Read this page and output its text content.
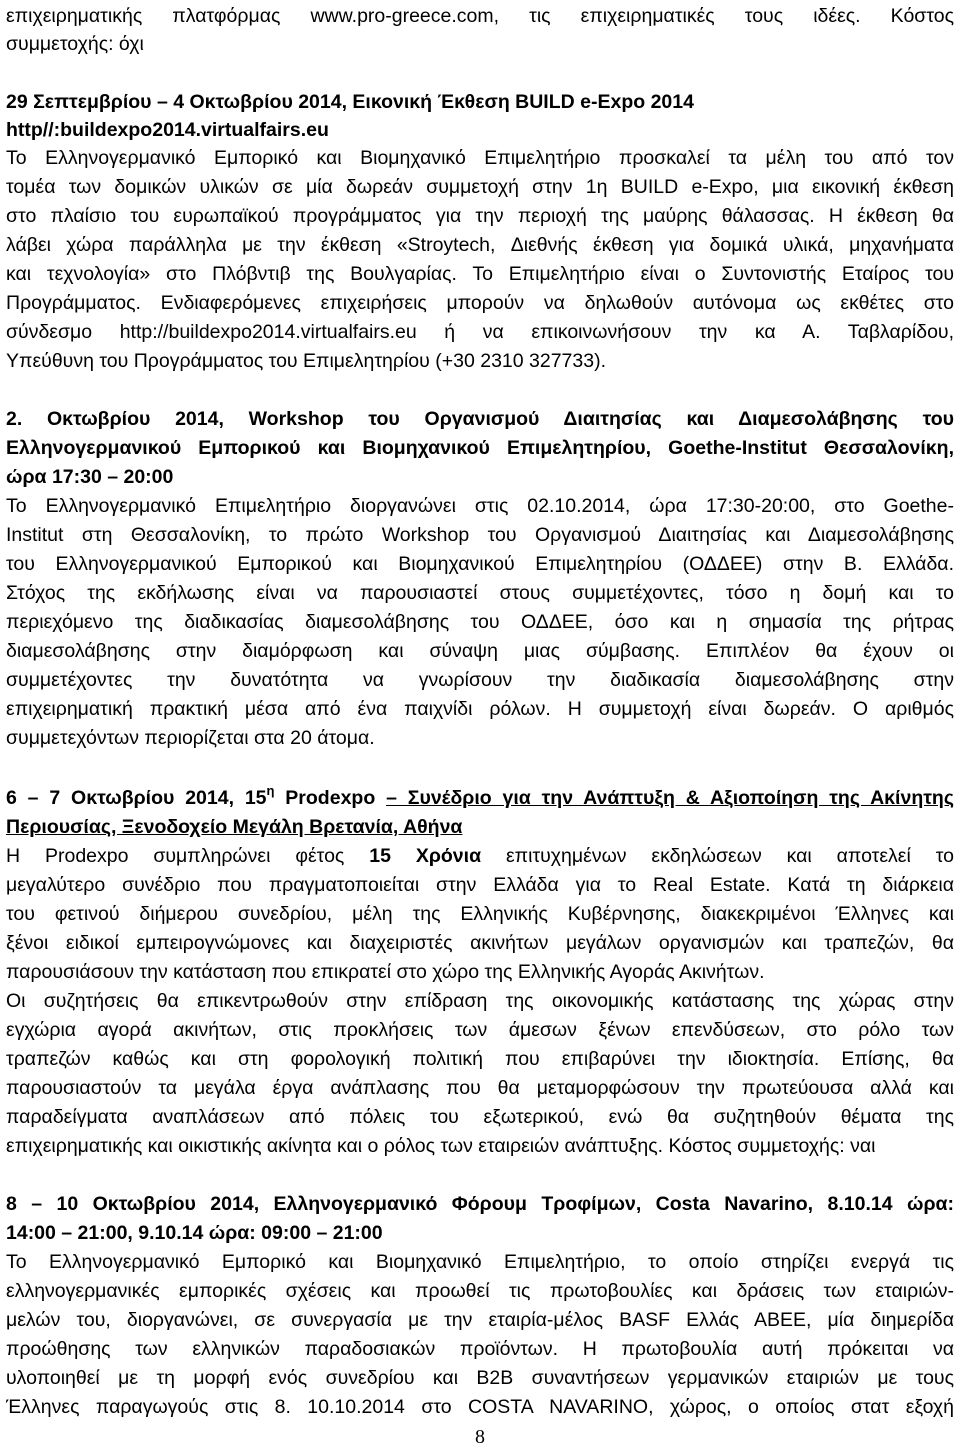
επιχειρηματικής πλατφόρμας www.pro-greece.com, τις επιχειρηματικές τους ιδέες. Κόστος
συμμετοχής: όχι
29 Σεπτεμβρίου – 4 Οκτωβρίου 2014, Εικονική Έκθεση BUILD e-Expo 2014
http//:buildexpo2014.virtualfairs.eu
Το Ελληνογερμανικό Εμπορικό και Βιομηχανικό Επιμελητήριο προσκαλεί τα μέλη του από τον
τομέα των δομικών υλικών σε μία δωρεάν συμμετοχή στην 1η BUILD e-Expo, μια εικονική έκθεση
στο πλαίσιο του ευρωπαϊκού προγράμματος για την περιοχή της μαύρης θάλασσας. Η έκθεση θα
λάβει χώρα παράλληλα με την έκθεση «Stroytech, Διεθνής έκθεση για δομικά υλικά, μηχανήματα
και τεχνολογία» στο Πλόβντιβ της Βουλγαρίας. Το Επιμελητήριο είναι ο Συντονιστής Εταίρος του
Προγράμματος. Ενδιαφερόμενες επιχειρήσεις μπορούν να δηλωθούν αυτόνομα ως εκθέτες στο
σύνδεσμο http://buildexpo2014.virtualfairs.eu ή να επικοινωνήσουν την κα Α. Ταβλαρίδου,
Υπεύθυνη του Προγράμματος του Επιμελητηρίου (+30 2310 327733).
2. Οκτωβρίου 2014, Workshop του Οργανισμού Διαιτησίας και Διαμεσολάβησης του
Ελληνογερμανικού Εμπορικού και Βιομηχανικού Επιμελητηρίου, Goethe-Institut Θεσσαλονίκη,
ώρα 17:30 – 20:00
Το Ελληνογερμανικό Επιμελητήριο διοργανώνει στις 02.10.2014, ώρα 17:30-20:00, στο Goethe-
Institut στη Θεσσαλονίκη, το πρώτο Workshop του Οργανισμού Διαιτησίας και Διαμεσολάβησης
του Ελληνογερμανικού Εμπορικού και Βιομηχανικού Επιμελητηρίου (ΟΔΔΕΕ) στην Β. Ελλάδα.
Στόχος της εκδήλωσης είναι να παρουσιαστεί στους συμμετέχοντες, τόσο η δομή και το
περιεχόμενο της διαδικασίας διαμεσολάβησης του ΟΔΔΕΕ, όσο και η σημασία της ρήτρας
διαμεσολάβησης στην διαμόρφωση και σύναψη μιας σύμβασης. Επιπλέον θα έχουν οι
συμμετέχοντες την δυνατότητα να γνωρίσουν την διαδικασία διαμεσολάβησης στην
επιχειρηματική πρακτική μέσα από ένα παιχνίδι ρόλων. Η συμμετοχή είναι δωρεάν. Ο αριθμός
συμμετεχόντων περιορίζεται στα 20 άτομα.
6 – 7 Οκτωβρίου 2014, $15^\eta$ Prodexpo – Συνέδριο για την Ανάπτυξη & Αξιοποίηση της Ακίνητης
Περιουσίας, Ξενοδοχείο Μεγάλη Βρετανία, Αθήνα
Η Prodexpo συμπληρώνει φέτος 15 Χρόνια επιτυχημένων εκδηλώσεων και αποτελεί το
μεγαλύτερο συνέδριο που πραγματοποιείται στην Ελλάδα για το Real Estate. Κατά τη διάρκεια
του φετινού διήμερου συνεδρίου, μέλη της Ελληνικής Κυβέρνησης, διακεκριμένοι Έλληνες και
ξένοι ειδικοί εμπειρογνώμονες και διαχειριστές ακινήτων μεγάλων οργανισμών και τραπεζών, θα
παρουσιάσουν την κατάσταση που επικρατεί στο χώρο της Ελληνικής Αγοράς Ακινήτων.
Οι συζητήσεις θα επικεντρωθούν στην επίδραση της οικονομικής κατάστασης της χώρας στην
εγχώρια αγορά ακινήτων, στις προκλήσεις των άμεσων ξένων επενδύσεων, στο ρόλο των
τραπεζών καθώς και στη φορολογική πολιτική που επιβαρύνει την ιδιοκτησία. Επίσης, θα
παρουσιαστούν τα μεγάλα έργα ανάπλασης που θα μεταμορφώσουν την πρωτεύουσα αλλά και
παραδείγματα αναπλάσεων από πόλεις του εξωτερικού, ενώ θα συζητηθούν θέματα της
επιχειρηματικής και οικιστικής ακίνητα και ο ρόλος των εταιρειών ανάπτυξης. Κόστος συμμετοχής: ναι
8 – 10 Οκτωβρίου 2014, Ελληνογερμανικό Φόρουμ Τροφίμων, Costa Navarino, 8.10.14 ώρα:
14:00 – 21:00, 9.10.14 ώρα: 09:00 – 21:00
Το Ελληνογερμανικό Εμπορικό και Βιομηχανικό Επιμελητήριο, το οποίο στηρίζει ενεργά τις
ελληνογερμανικές εμπορικές σχέσεις και προωθεί τις πρωτοβουλίες και δράσεις των εταιριών-
μελών του, διοργανώνει, σε συνεργασία με την εταιρία-μέλος BASF Ελλάς ΑΒΕΕ, μία διημερίδα
προώθησης των ελληνικών παραδοσιακών προϊόντων. Η πρωτοβουλία αυτή πρόκειται να
υλοποιηθεί με τη μορφή ενός συνεδρίου και B2B συναντήσεων γερμανικών εταιριών με τους
Έλληνες παραγωγούς στις 8. 10.10.2014 στο COSTA NAVARINO, χώρος, ο οποίος στατ εξοχή
8
